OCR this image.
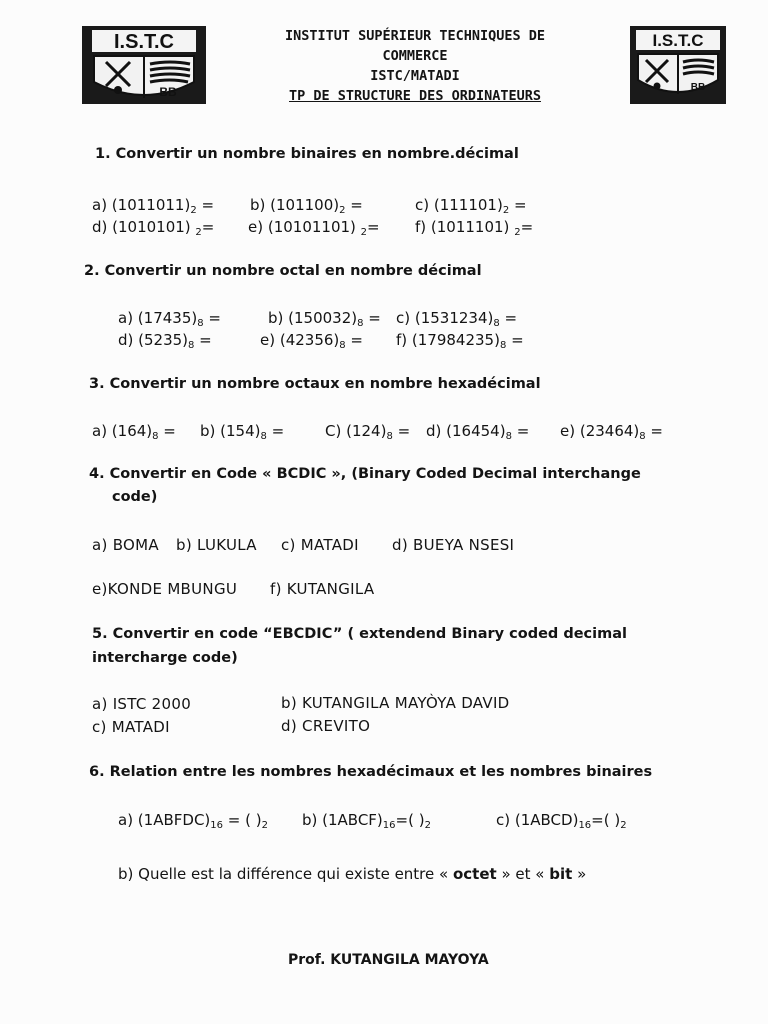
I.S.T.C
BB
I.S.T.C
BB
INSTITUT SUPÉRIEUR TECHNIQUES DE
COMMERCE
ISTC/MATADI
TP DE STRUCTURE DES ORDINATEURS
1. Convertir un nombre binaires en nombre.décimal
a) $(1011011)_2 = b$) $(101100)_2$ =	c) $(111101)_2$ =
d) (1010101) $_2$= e) (10101101) $_2$= f) (1011101) $_2$=
2. Convertir un nombre octal en nombre décimal
a) $(17435)_8$ =	b) $(150032)_8 = c$) $(1531234)_8$ =
d) $(5235)_8$ =	e) $(42356)_8 = f$) $(17984235)_8$ =
3. Convertir un nombre octaux en nombre hexadécimal
a) $(164)_8 = b$) $(154)_8$ =	C) $(124)_8 = d$) $(16454)_8 = e$) $(23464)_8$ =
4. Convertir en Code « BCDIC », (Binary Coded Decimal interchange
code)
a) BOMA b) LUKULA c) MATADI d) BUEYA NSESI
e)KONDE MBUNGU f) KUTANGILA
5. Convertir en code “EBCDIC” ( extendend Binary coded decimal
intercharge code)
a) ISTC 2000	b) KUTANGILA MAYÒYA DAVID
c) MATADI	d) CREVITO
6. Relation entre les nombres hexadécimaux et les nombres binaires
a) $(1ABFDC)_{16}$ = ( )$_2$ b) $(1ABCF)_{16}=$( )$_2$	c) $(1ABCD)_{16}=$( )$_2$
b) Quelle est la différence qui existe entre « octet » et « bit »
Prof. KUTANGILA MAYOYA
